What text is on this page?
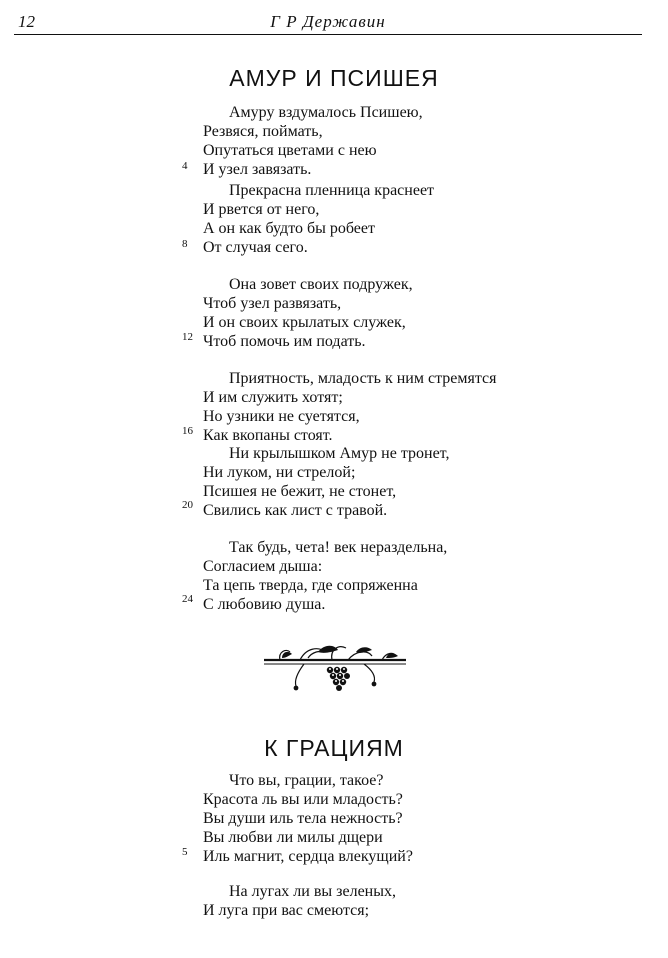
12	Г Р Державин
АМУР И ПСИШЕЯ
Амуру вздумалось Псишею,
Резвяся, поймать,
Опутаться цветами с нею
И узел завязать.
4
Прекрасна пленница краснеет
И рвется от него,
А он как будто бы робеет
От случая сего.
8
Она зовет своих подружек,
Чтоб узел развязать,
И он своих крылатых служек,
Чтоб помочь им подать.
12
Приятность, младость к ним стремятся
И им служить хотят;
Но узники не суетятся,
Как вкопаны стоят.
16
Ни крылышком Амур не тронет,
Ни луком, ни стрелой;
Псишея не бежит, не стонет,
Свились как лист с травой.
20
Так будь, чета! век нераздельна,
Согласием дыша:
Та цепь тверда, где сопряженна
С любовию душа.
24
К ГРАЦИЯМ
Что вы, грации, такое?
Красота ль вы или младость?
Вы души иль тела нежность?
Вы любви ли милы дщери
Иль магнит, сердца влекущий?
5
На лугах ли вы зеленых,
И луга при вас смеются;
